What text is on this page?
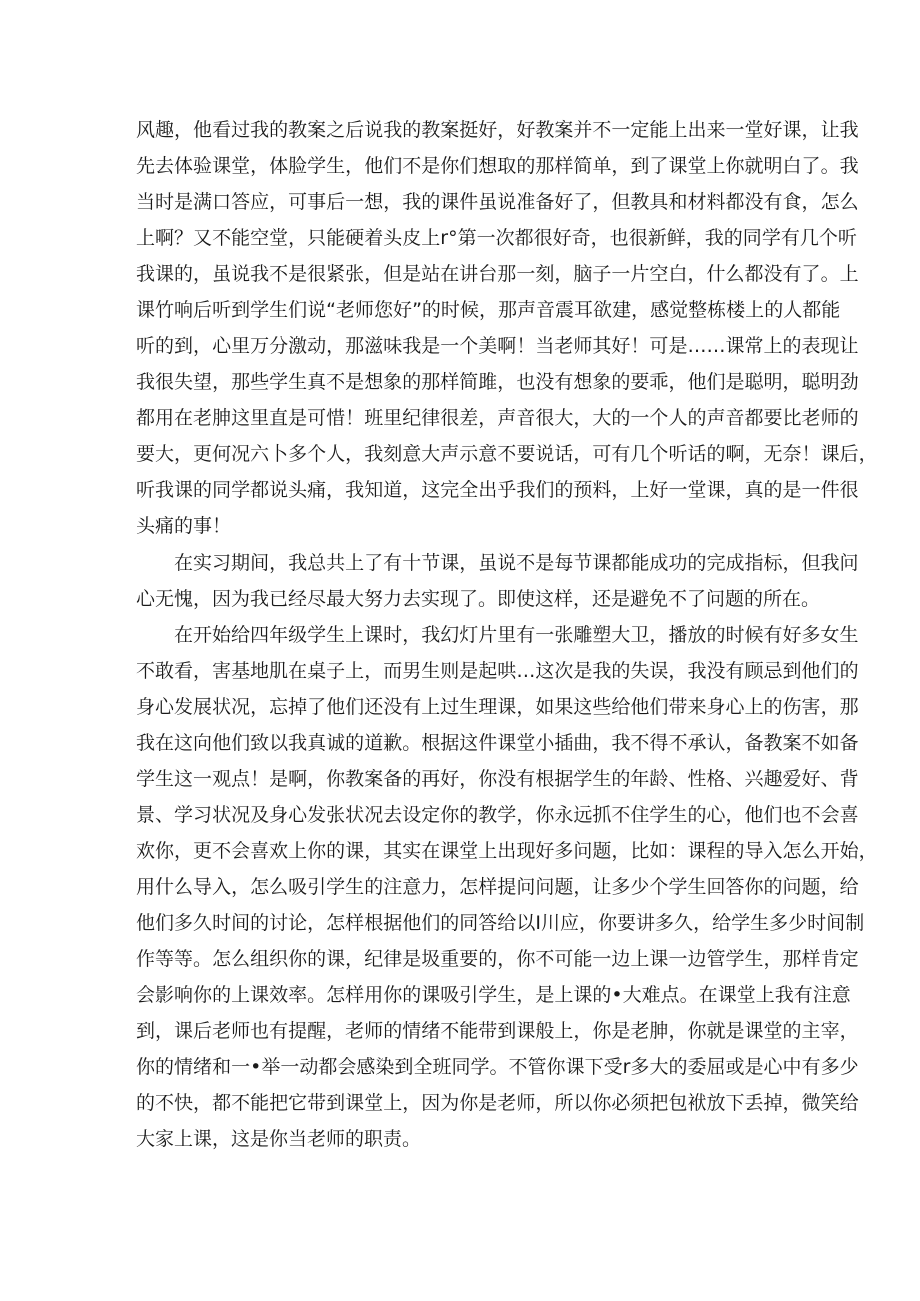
风 趣 ， 他 看 过 我 的 教 案 之 后 说 我 的 教 案 挺 好 ， 好 教 案 并 不 一 定 能 上 出 来 一 堂 好 课 ， 让 我
先 去 体 验 课 堂 ， 体 脸 学 生 ， 他 们 不 是 你 们 想 取 的 那 样 简 单 ， 到 了 课 堂 上 你 就 明 白 了 。 我
当 时 是 满 口 答 应 ， 可 事 后 一 想 ， 我 的 课 件 虽 说 准 备 好 了 ， 但 教 具 和 材 料 都 没 有 食 ， 怎 么
上 啊 ？ 又 不 能 空 堂 ， 只 能 硬 着 头 皮 上 r ° 第 一 次 都 很 好 奇 ， 也 很 新 鲜 ， 我 的 同 学 有 几 个 听
我 课 的 ， 虽 说 我 不 是 很 紧 张 ， 但 是 站 在 讲 台 那 一 刻 ， 脑 子 一 片 空 白 ， 什 么 都 没 有 了 。 上
课 竹 响 后 听 到 学 生 们 说 “ 老 师 您 好 ” 的 时 候 ， 那 声 音 震 耳 欲 建 ， 感 觉 整 栋 楼 上 的 人 都 能
听 的 到 ， 心 里 万 分 激 动 ， 那 滋 味 我 是 一 个 美 啊 ！ 当 老 师 其 好 ！ 可 是 … … 课 常 上 的 表 现 让
我 很 失 望 ， 那 些 学 生 真 不 是 想 象 的 那 样 简 雎 ， 也 没 有 想 象 的 要 乖 ， 他 们 是 聪 明 ， 聪 明 劲
都 用 在 老 胂 这 里 直 是 可 惜 ！ 班 里 纪 律 很 差 ， 声 音 很 大 ， 大 的 一 个 人 的 声 音 都 要 比 老 师 的
要 大 ， 更 何 况 六 卜 多 个 人 ， 我 刻 意 大 声 示 意 不 要 说 话 ， 可 有 几 个 听 话 的 啊 ， 无 奈 ！ 课 后 ，
听 我 课 的 同 学 都 说 头 痛 ， 我 知 道 ， 这 完 全 出 乎 我 们 的 预 料 ， 上 好 一 堂 课 ， 真 的 是 一 件 很
头痛的事！
在 实 习 期 间 ， 我 总 共 上 了 有 十 节 课 ， 虽 说 不 是 每 节 课 都 能 成 功 的 完 成 指 标 ， 但 我 问
心无愧，因为我已经尽最大努力去实现了。即使这样，还是避免不了问题的所在。
在 开 始 给 四 年 级 学 生 上 课 时 ， 我 幻 灯 片 里 有 一 张 雕 塑 大 卫 ， 播 放 的 时 候 有 好 多 女 生
不 敢 看 ， 害 基 地 肌 在 桌 子 上 ， 而 男 生 则 是 起 哄 … 这 次 是 我 的 失 误 ， 我 没 有 顾 忌 到 他 们 的
身 心 发 展 状 况 ， 忘 掉 了 他 们 还 没 有 上 过 生 理 课 ， 如 果 这 些 给 他 们 带 来 身 心 上 的 伤 害 ， 那
我 在 这 向 他 们 致 以 我 真 诚 的 道 歉 。 根 据 这 件 课 堂 小 插 曲 ， 我 不 得 不 承 认 ， 备 教 案 不 如 备
学 生 这 一 观 点 ！ 是 啊 ， 你 教 案 备 的 再 好 ， 你 没 有 根 据 学 生 的 年 龄 、 性 格 、 兴 趣 爱 好 、 背
景 、 学 习 状 况 及 身 心 发 张 状 况 去 设 定 你 的 教 学 ， 你 永 远 抓 不 住 学 生 的 心 ， 他 们 也 不 会 喜
欢 你 ， 更 不 会 喜 欢 上 你 的 课 ， 其 实 在 课 堂 上 出 现 好 多 问 题 ， 比 如 ： 课 程 的 导 入 怎 么 开 始 ，
用 什 么 导 入 ， 怎 么 吸 引 学 生 的 注 意 力 ， 怎 样 提 问 问 题 ， 让 多 少 个 学 生 回 答 你 的 问 题 ， 给
他 们 多 久 时 间 的 讨 论 ， 怎 样 根 据 他 们 的 同 答 给 以 I 川 应 ， 你 要 讲 多 久 ， 给 学 生 多 少 时 间 制
作 等 等 。 怎 么 组 织 你 的 课 ， 纪 律 是 圾 重 要 的 ， 你 不 可 能 一 边 上 课 一 边 管 学 生 ， 那 样 肯 定
会 影 响 你 的 上 课 效 率 。 怎 样 用 你 的 课 吸 引 学 生 ， 是 上 课 的 • 大 难 点 。 在 课 堂 上 我 有 注 意
到 ， 课 后 老 师 也 有 提 醒 ， 老 师 的 情 绪 不 能 带 到 课 般 上 ， 你 是 老 胂 ， 你 就 是 课 堂 的 主 宰 ，
你 的 情 绪 和 一 • 举 一 动 都 会 感 染 到 全 班 同 学 。 不 管 你 课 下 受 r 多 大 的 委 屈 或 是 心 中 有 多 少
的 不 快 ， 都 不 能 把 它 带 到 课 堂 上 ， 因 为 你 是 老 师 ， 所 以 你 必 须 把 包 袱 放 下 丢 掉 ， 微 笑 给
大家上课，这是你当老师的职责。
